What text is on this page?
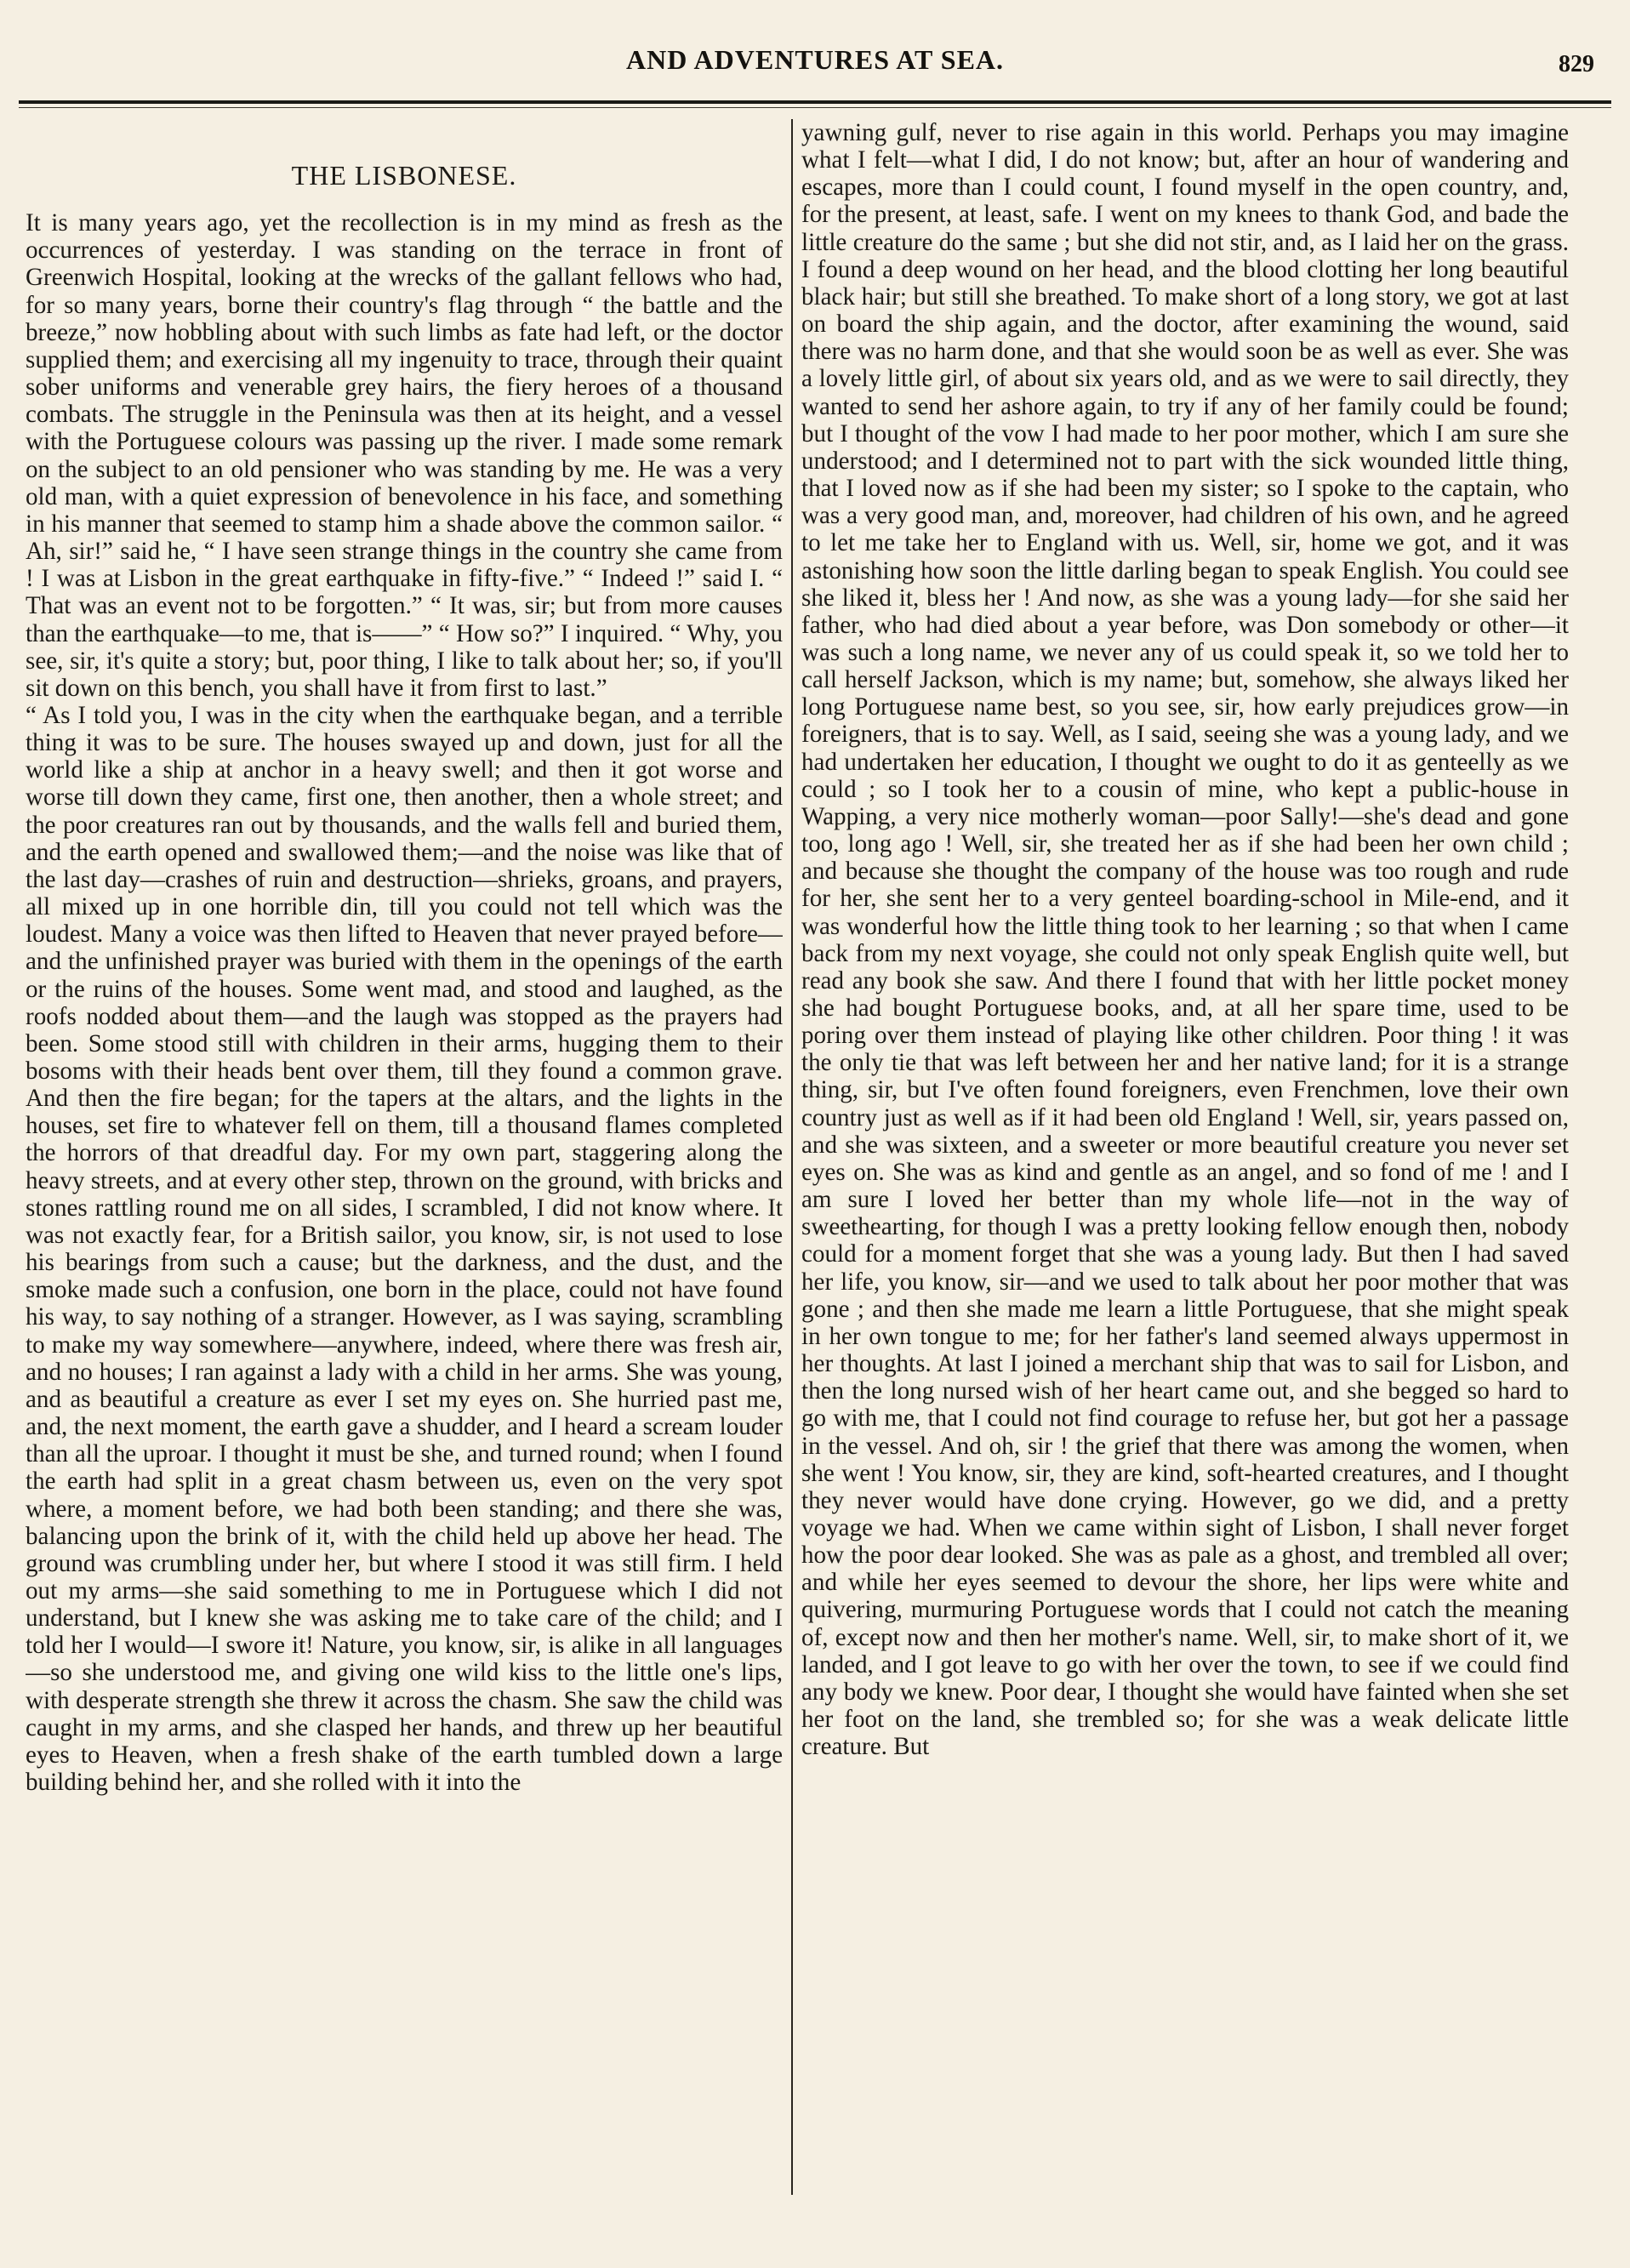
AND ADVENTURES AT SEA.	829
THE LISBONESE.

It is many years ago, yet the recollection is in my mind as fresh as the occurrences of yesterday. I was standing on the terrace in front of Greenwich Hospital, looking at the wrecks of the gallant fellows who had, for so many years, borne their country's flag through “ the battle and the breeze,” now hobbling about with such limbs as fate had left, or the doctor supplied them; and exercising all my ingenuity to trace, through their quaint sober uniforms and venerable grey hairs, the fiery heroes of a thousand combats. The struggle in the Peninsula was then at its height, and a vessel with the Portuguese colours was passing up the river. I made some remark on the subject to an old pensioner who was standing by me. He was a very old man, with a quiet expression of benevolence in his face, and something in his manner that seemed to stamp him a shade above the common sailor. “ Ah, sir!” said he, “ I have seen strange things in the country she came from ! I was at Lisbon in the great earthquake in fifty-five.” “ Indeed !” said I. “ That was an event not to be forgotten.” “ It was, sir; but from more causes than the earthquake—to me, that is——” “ How so?” I inquired. “ Why, you see, sir, it's quite a story; but, poor thing, I like to talk about her; so, if you'll sit down on this bench, you shall have it from first to last.”

“ As I told you, I was in the city when the earthquake began, and a terrible thing it was to be sure. The houses swayed up and down, just for all the world like a ship at anchor in a heavy swell; and then it got worse and worse till down they came, first one, then another, then a whole street; and the poor creatures ran out by thousands, and the walls fell and buried them, and the earth opened and swallowed them;—and the noise was like that of the last day—crashes of ruin and destruction—shrieks, groans, and prayers, all mixed up in one horrible din, till you could not tell which was the loudest. Many a voice was then lifted to Heaven that never prayed before—and the unfinished prayer was buried with them in the openings of the earth or the ruins of the houses. Some went mad, and stood and laughed, as the roofs nodded about them—and the laugh was stopped as the prayers had been. Some stood still with children in their arms, hugging them to their bosoms with their heads bent over them, till they found a common grave. And then the fire began; for the tapers at the altars, and the lights in the houses, set fire to whatever fell on them, till a thousand flames completed the horrors of that dreadful day. For my own part, staggering along the heavy streets, and at every other step, thrown on the ground, with bricks and stones rattling round me on all sides, I scrambled, I did not know where. It was not exactly fear, for a British sailor, you know, sir, is not used to lose his bearings from such a cause; but the darkness, and the dust, and the smoke made such a confusion, one born in the place, could not have found his way, to say nothing of a stranger. However, as I was saying, scrambling to make my way somewhere—anywhere, indeed, where there was fresh air, and no houses; I ran against a lady with a child in her arms. She was young, and as beautiful a creature as ever I set my eyes on. She hurried past me, and, the next moment, the earth gave a shudder, and I heard a scream louder than all the uproar. I thought it must be she, and turned round; when I found the earth had split in a great chasm between us, even on the very spot where, a moment before, we had both been standing; and there she was, balancing upon the brink of it, with the child held up above her head. The ground was crumbling under her, but where I stood it was still firm. I held out my arms—she said something to me in Portuguese which I did not understand, but I knew she was asking me to take care of the child; and I told her I would—I swore it! Nature, you know, sir, is alike in all languages—so she understood me, and giving one wild kiss to the little one's lips, with desperate strength she threw it across the chasm. She saw the child was caught in my arms, and she clasped her hands, and threw up her beautiful eyes to Heaven, when a fresh shake of the earth tumbled down a large building behind her, and she rolled with it into the

yawning gulf, never to rise again in this world. Perhaps you may imagine what I felt—what I did, I do not know; but, after an hour of wandering and escapes, more than I could count, I found myself in the open country, and, for the present, at least, safe. I went on my knees to thank God, and bade the little creature do the same ; but she did not stir, and, as I laid her on the grass. I found a deep wound on her head, and the blood clotting her long beautiful black hair; but still she breathed. To make short of a long story, we got at last on board the ship again, and the doctor, after examining the wound, said there was no harm done, and that she would soon be as well as ever. She was a lovely little girl, of about six years old, and as we were to sail directly, they wanted to send her ashore again, to try if any of her family could be found; but I thought of the vow I had made to her poor mother, which I am sure she understood; and I determined not to part with the sick wounded little thing, that I loved now as if she had been my sister; so I spoke to the captain, who was a very good man, and, moreover, had children of his own, and he agreed to let me take her to England with us. Well, sir, home we got, and it was astonishing how soon the little darling began to speak English. You could see she liked it, bless her ! And now, as she was a young lady—for she said her father, who had died about a year before, was Don somebody or other—it was such a long name, we never any of us could speak it, so we told her to call herself Jackson, which is my name; but, somehow, she always liked her long Portuguese name best, so you see, sir, how early prejudices grow—in foreigners, that is to say. Well, as I said, seeing she was a young lady, and we had undertaken her education, I thought we ought to do it as genteelly as we could ; so I took her to a cousin of mine, who kept a public-house in Wapping, a very nice motherly woman—poor Sally!—she's dead and gone too, long ago ! Well, sir, she treated her as if she had been her own child ; and because she thought the company of the house was too rough and rude for her, she sent her to a very genteel boarding-school in Mile-end, and it was wonderful how the little thing took to her learning ; so that when I came back from my next voyage, she could not only speak English quite well, but read any book she saw. And there I found that with her little pocket money she had bought Portuguese books, and, at all her spare time, used to be poring over them instead of playing like other children. Poor thing ! it was the only tie that was left between her and her native land; for it is a strange thing, sir, but I've often found foreigners, even Frenchmen, love their own country just as well as if it had been old England ! Well, sir, years passed on, and she was sixteen, and a sweeter or more beautiful creature you never set eyes on. She was as kind and gentle as an angel, and so fond of me ! and I am sure I loved her better than my whole life—not in the way of sweethearting, for though I was a pretty looking fellow enough then, nobody could for a moment forget that she was a young lady. But then I had saved her life, you know, sir—and we used to talk about her poor mother that was gone ; and then she made me learn a little Portuguese, that she might speak in her own tongue to me; for her father's land seemed always uppermost in her thoughts. At last I joined a merchant ship that was to sail for Lisbon, and then the long nursed wish of her heart came out, and she begged so hard to go with me, that I could not find courage to refuse her, but got her a passage in the vessel. And oh, sir ! the grief that there was among the women, when she went ! You know, sir, they are kind, soft-hearted creatures, and I thought they never would have done crying. However, go we did, and a pretty voyage we had. When we came within sight of Lisbon, I shall never forget how the poor dear looked. She was as pale as a ghost, and trembled all over; and while her eyes seemed to devour the shore, her lips were white and quivering, murmuring Portuguese words that I could not catch the meaning of, except now and then her mother's name. Well, sir, to make short of it, we landed, and I got leave to go with her over the town, to see if we could find any body we knew. Poor dear, I thought she would have fainted when she set her foot on the land, she trembled so; for she was a weak delicate little creature. But
